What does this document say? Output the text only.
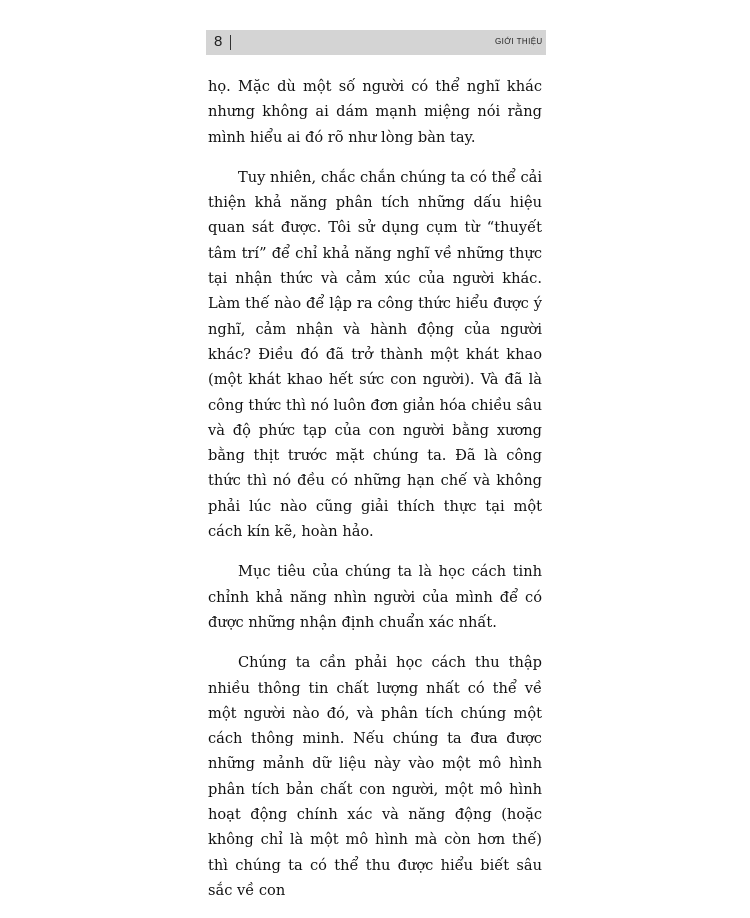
8	GIỚI THIỆU

họ. Mặc dù một số người có thể nghĩ khác nhưng không ai dám mạnh miệng nói rằng mình hiểu ai đó rõ như lòng bàn tay.

Tuy nhiên, chắc chắn chúng ta có thể cải thiện khả năng phân tích những dấu hiệu quan sát được. Tôi sử dụng cụm từ “thuyết tâm trí” để chỉ khả năng nghĩ về những thực tại nhận thức và cảm xúc của người khác. Làm thế nào để lập ra công thức hiểu được ý nghĩ, cảm nhận và hành động của người khác? Điều đó đã trở thành một khát khao (một khát khao hết sức con người). Và đã là công thức thì nó luôn đơn giản hóa chiều sâu và độ phức tạp của con người bằng xương bằng thịt trước mặt chúng ta. Đã là công thức thì nó đều có những hạn chế và không phải lúc nào cũng giải thích thực tại một cách kín kẽ, hoàn hảo.

Mục tiêu của chúng ta là học cách tinh chỉnh khả năng nhìn người của mình để có được những nhận định chuẩn xác nhất.

Chúng ta cần phải học cách thu thập nhiều thông tin chất lượng nhất có thể về một người nào đó, và phân tích chúng một cách thông minh. Nếu chúng ta đưa được những mảnh dữ liệu này vào một mô hình phân tích bản chất con người, một mô hình hoạt động chính xác và năng động (hoặc không chỉ là một mô hình mà còn hơn thế) thì chúng ta có thể thu được hiểu biết sâu sắc về con
